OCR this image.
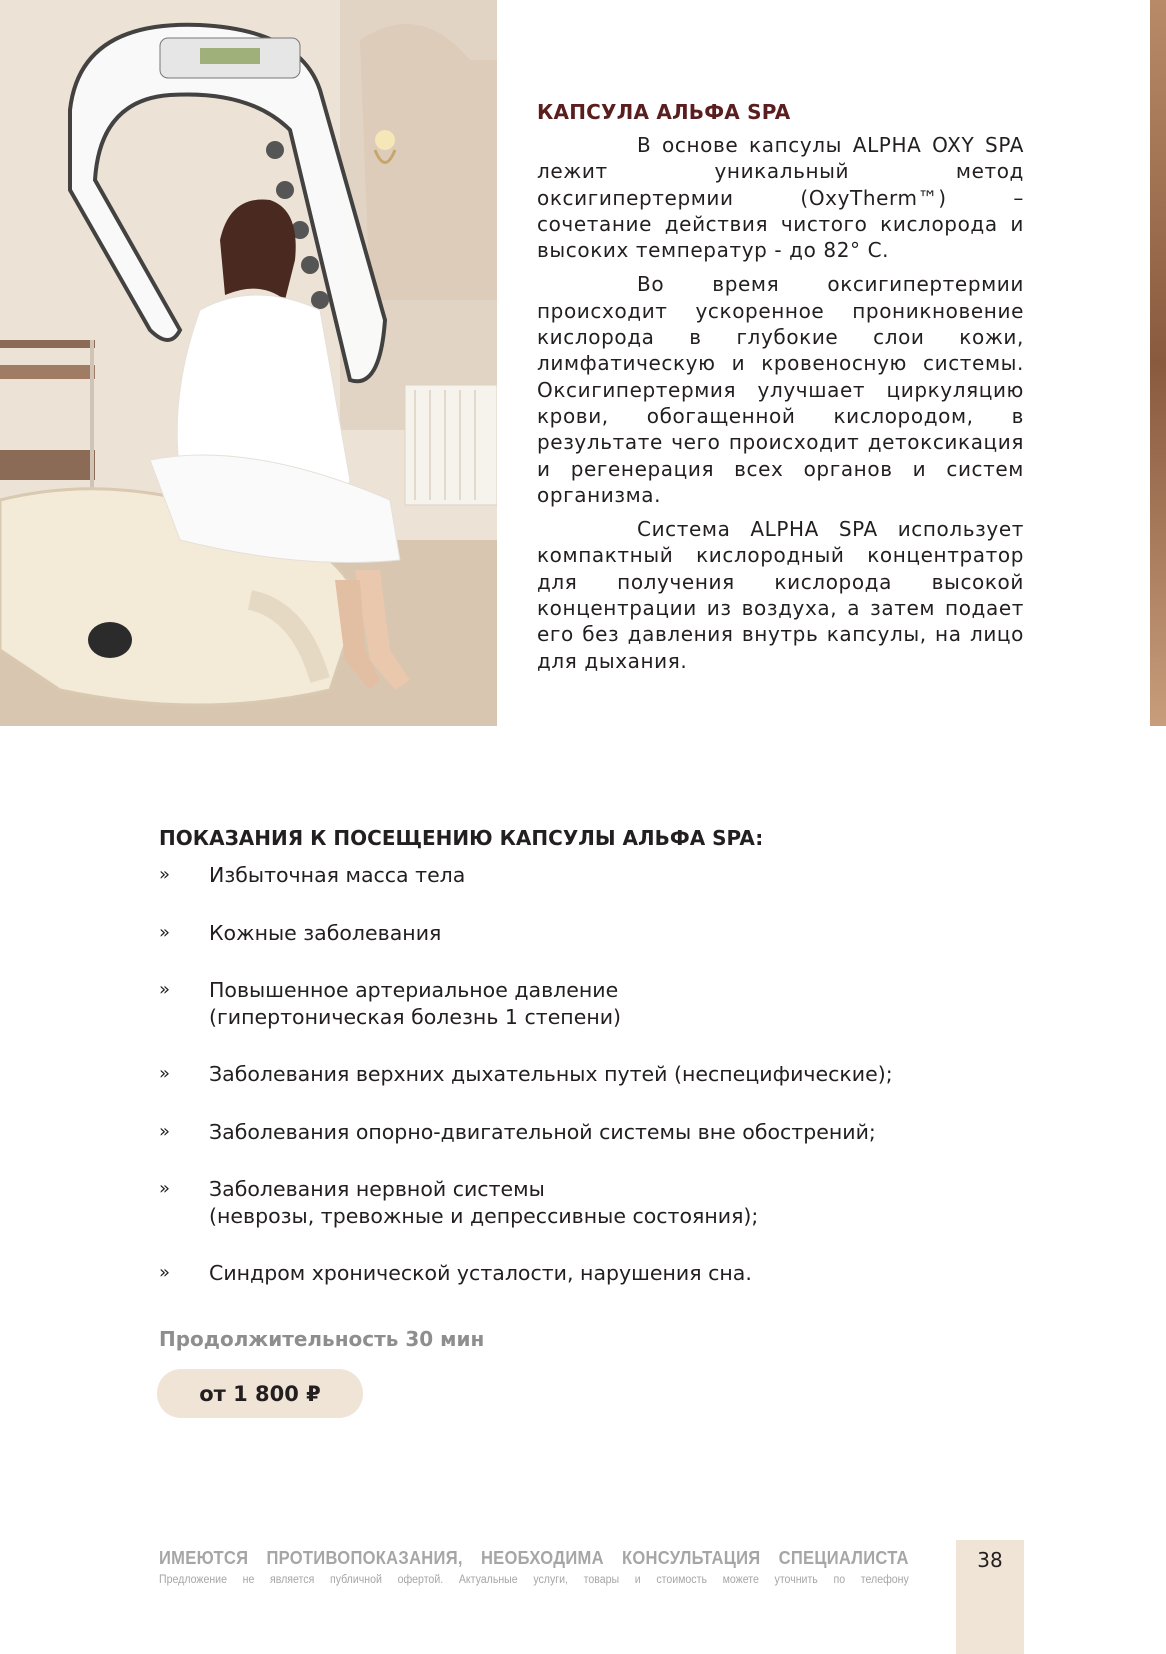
КАПСУЛА АЛЬФА SPA

В основе капсулы ALPHA OXY SPA лежит уникальный метод оксигипертермии (OxyTherm™) – сочетание действия чистого кислорода и высоких температур - до 82° С.

Во время оксигипертермии происходит ускоренное проникновение кислорода в глубокие слои кожи, лимфатическую и кровеносную системы. Оксигипертермия улучшает циркуляцию крови, обогащенной кислородом, в результате чего происходит детоксикация и регенерация всех органов и систем организма.

Система ALPHA SPA использует компактный кислородный концентратор для получения кислорода высокой концентрации из воздуха, а затем подает его без давления внутрь капсулы, на лицо для дыхания.

ПОКАЗАНИЯ К ПОСЕЩЕНИЮ КАПСУЛЫ АЛЬФА SPA:
» Избыточная масса тела
» Кожные заболевания
» Повышенное артериальное давление
(гипертоническая болезнь 1 степени)
» Заболевания верхних дыхательных путей (неспецифические);
» Заболевания опорно-двигательной системы вне обострений;
» Заболевания нервной системы
(неврозы, тревожные и депрессивные состояния);
» Синдром хронической усталости, нарушения сна.
Продолжительность 30 мин
от 1 800 ₽
ИМЕЮТСЯ ПРОТИВОПОКАЗАНИЯ, НЕОБХОДИМА КОНСУЛЬТАЦИЯ СПЕЦИАЛИСТА
Предложение не является публичной офертой. Актуальные услуги, товары и стоимость можете уточнить по телефону
38
